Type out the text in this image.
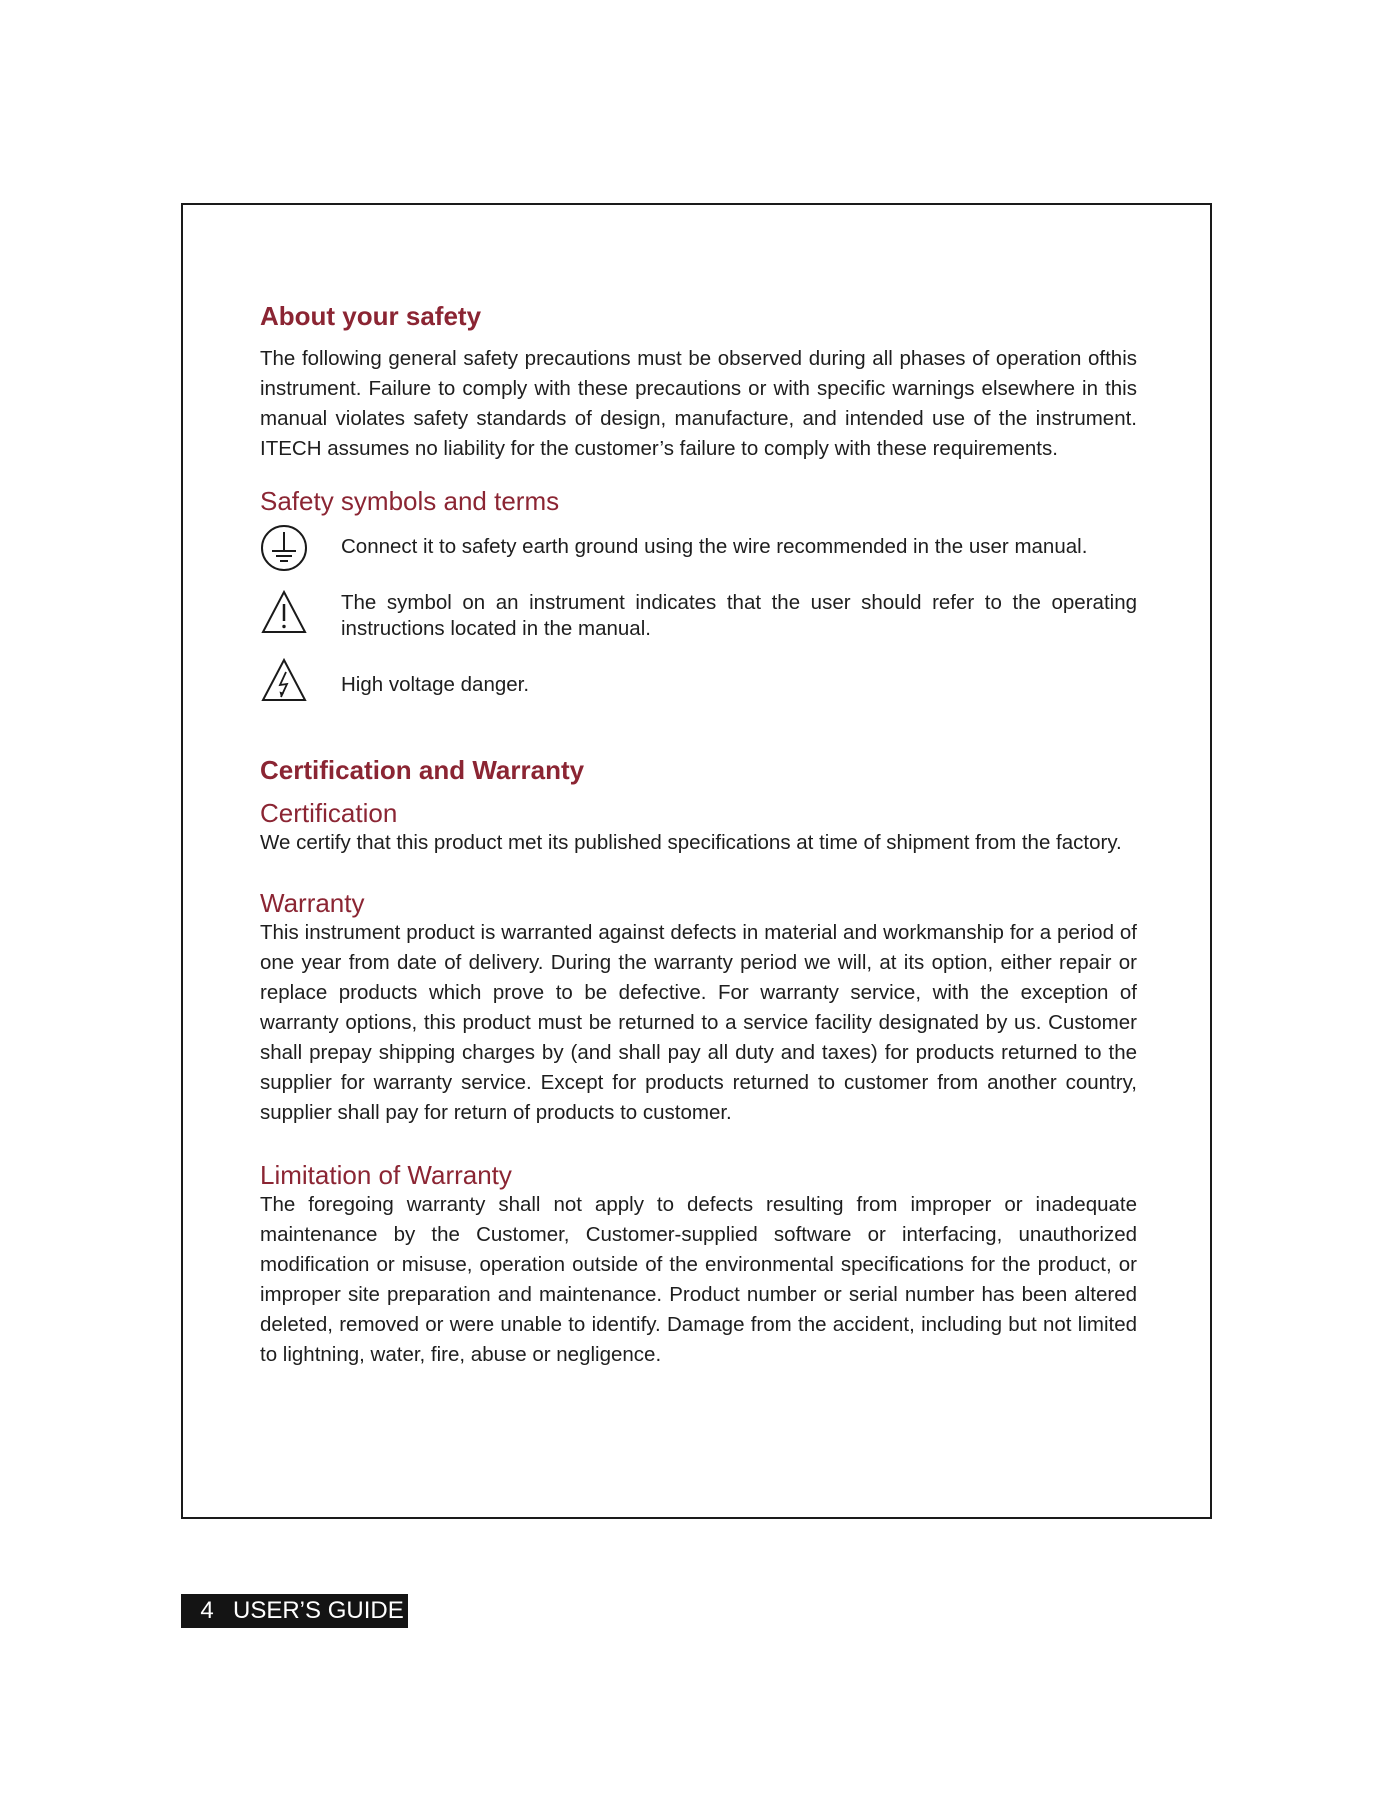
About your safety

The following general safety precautions must be observed during all phases of operation ofthis instrument. Failure to comply with these precautions or with specific warnings elsewhere in this manual violates safety standards of design, manufacture, and intended use of the instrument. ITECH assumes no liability for the customer’s failure to comply with these requirements.

Safety symbols and terms
Connect it to safety earth ground using the wire recommended in the user manual.
The symbol on an instrument indicates that the user should refer to the operating instructions located in the manual.
High voltage danger.
Certification and Warranty
Certification

We certify that this product met its published specifications at time of shipment from the factory.

Warranty

This instrument product is warranted against defects in material and workmanship for a period of one year from date of delivery. During the warranty period we will, at its option, either repair or replace products which prove to be defective. For warranty service, with the exception of warranty options, this product must be returned to a service facility designated by us. Customer shall prepay shipping charges by (and shall pay all duty and taxes) for products returned to the supplier for warranty service. Except for products returned to customer from another country, supplier shall pay for return of products to customer.

Limitation of Warranty

The foregoing warranty shall not apply to defects resulting from improper or inadequate maintenance by the Customer, Customer-supplied software or interfacing, unauthorized modification or misuse, operation outside of the environmental specifications for the product, or improper site preparation and maintenance. Product number or serial number has been altered deleted, removed or were unable to identify. Damage from the accident, including but not limited to lightning, water, fire, abuse or negligence.

4 USER’S GUIDE
